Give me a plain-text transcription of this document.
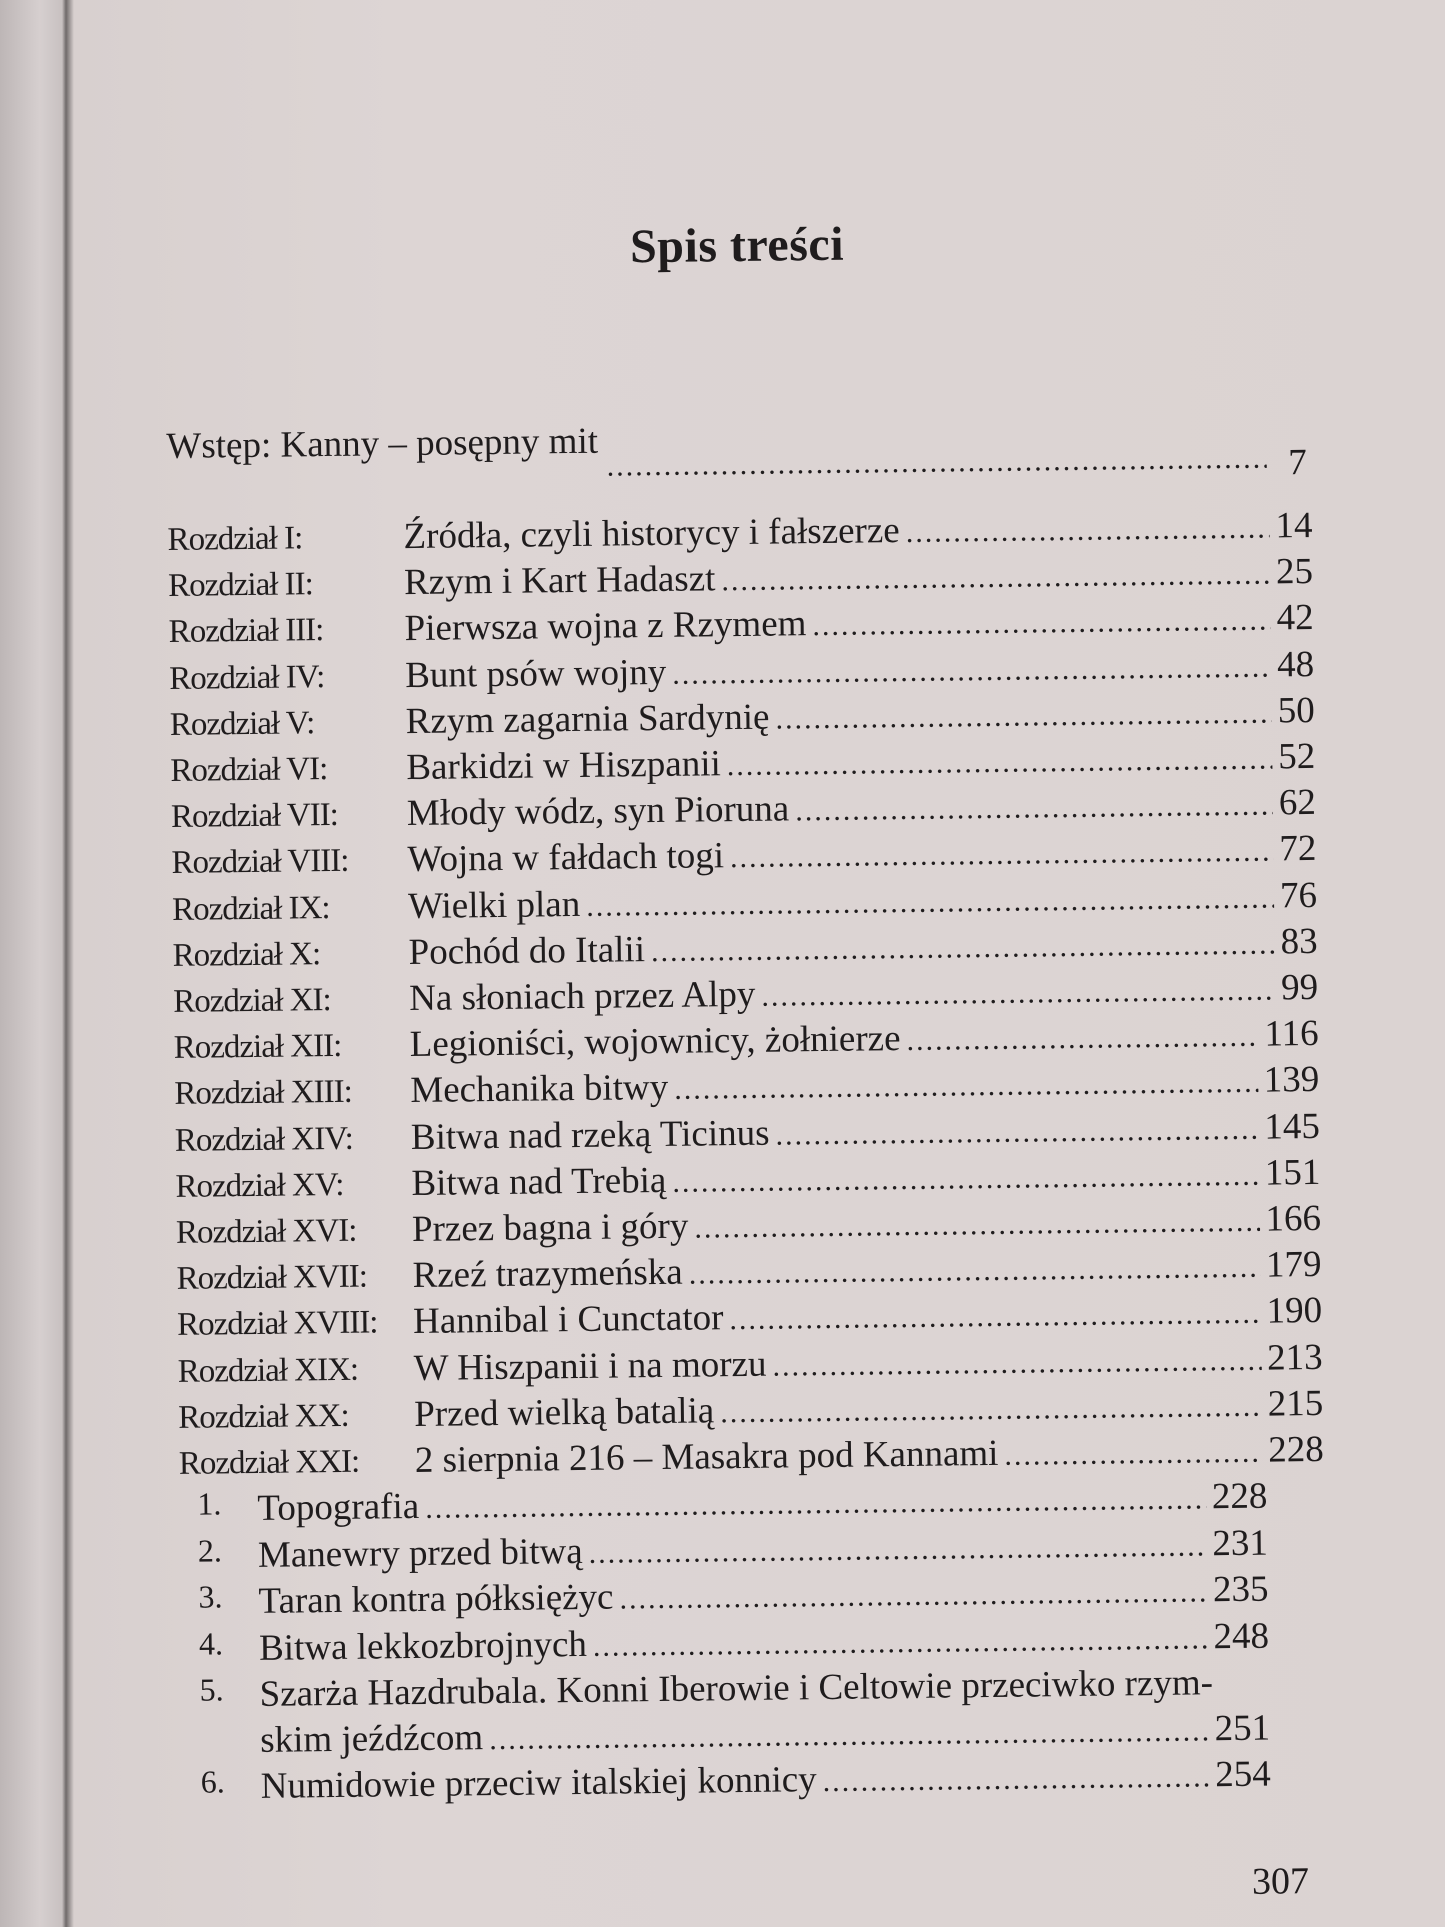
Spis treści
Wstęp: Kanny – posępny mit .....	7
Rozdział I:	Źródła, czyli historycy i fałszerze .....	14
Rozdział II: Rzym i Kart Hadaszt .....	25
Rozdział III: Pierwsza wojna z Rzymem .....	42
Rozdział IV: Bunt psów wojny .....	48
Rozdział V: Rzym zagarnia Sardynię .....	50
Rozdział VI: Barkidzi w Hiszpanii .....	52
Rozdział VII: Młody wódz, syn Pioruna .....	62
Rozdział VIII: Wojna w fałdach togi .....	72
Rozdział IX: Wielki plan .....	76
Rozdział X: Pochód do Italii .....	83
Rozdział XI: Na słoniach przez Alpy .....	99
Rozdział XII: Legioniści, wojownicy, żołnierze .....	116
Rozdział XIII: Mechanika bitwy .....	139
Rozdział XIV: Bitwa nad rzeką Ticinus .....	145
Rozdział XV: Bitwa nad Trebią .....	151
Rozdział XVI: Przez bagna i góry .....	166
Rozdział XVII: Rzeź trazymeńska .....	179
Rozdział XVIII: Hannibal i Cunctator .....	190
Rozdział XIX: W Hiszpanii i na morzu .....	213
Rozdział XX: Przed wielką batalią .....	215
Rozdział XXI: 2 sierpnia 216 – Masakra pod Kannami .....	228
1. Topografia .....	228
2. Manewry przed bitwą .....	231
3. Taran kontra półksiężyc .....	235
4. Bitwa lekkozbrojnych .....	248
5. Szarża Hazdrubala. Konni Iberowie i Celtowie przeciwko rzym-
skim jeźdźcom .....	251
6. Numidowie przeciw italskiej konnicy .....	254
307
